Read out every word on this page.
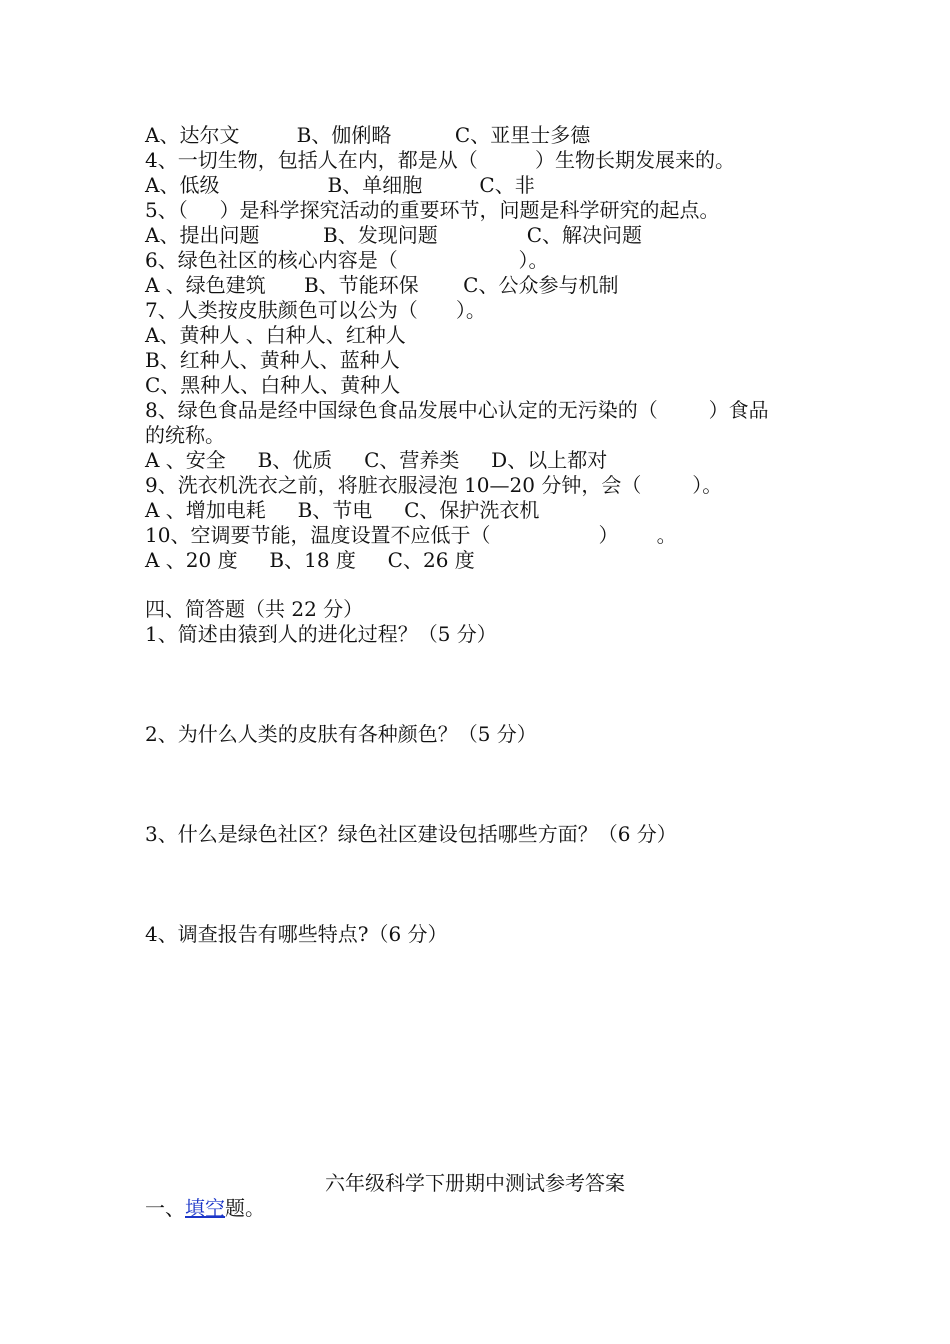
A、达尔文         B、伽俐略          C、亚里士多德
4、一切生物，包括人在内，都是从（         ）生物长期发展来的。
A、低级                 B、单细胞         C、非
5、（     ）是科学探究活动的重要环节，问题是科学研究的起点。
A、提出问题          B、发现问题              C、解决问题
6、绿色社区的核心内容是（                   ）。
A 、绿色建筑      B、节能环保       C、公众参与机制
7、人类按皮肤颜色可以公为（      ）。
A、黄种人 、白种人、红种人
B、红种人、黄种人、蓝种人
C、黑种人、白种人、黄种人
8、绿色食品是经中国绿色食品发展中心认定的无污染的（        ）食品
的统称。
A 、安全     B、优质     C、营养类     D、以上都对
9、洗衣机洗衣之前，将脏衣服浸泡 10—20 分钟，会（        ）。
A 、增加电耗     B、节电     C、保护洗衣机
10、空调要节能，温度设置不应低于（                 ）      。
A 、20 度     B、18 度     C、26 度
四、简答题（共 22 分）
1、简述由猿到人的进化过程？（5 分）
2、为什么人类的皮肤有各种颜色？（5 分）
3、什么是绿色社区？绿色社区建设包括哪些方面？（6 分）
4、调查报告有哪些特点?（6 分）
六年级科学下册期中测试参考答案
一、填空题。
